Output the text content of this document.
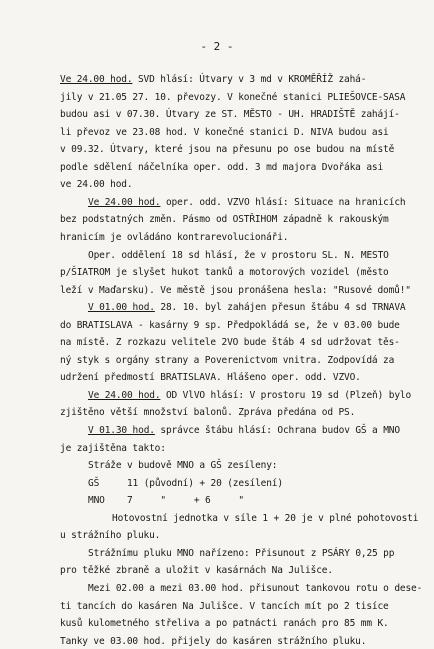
- 2 -
Ve 24.00 hod. SVD hlásí: Útvary v 3 md v KROMĚŘÍŽ zahá-
jily v 21.05 27. 10. převozy. V konečné stanici PLIEŠOVCE-SASA
budou asi v 07.30. Útvary ze ST. MĚSTO - UH. HRADIŠTĚ zahájí-
li převoz ve 23.08 hod. V konečné stanici D. NIVA budou asi
v 09.32. Útvary, které jsou na přesunu po ose budou na místě
podle sdělení náčelníka oper. odd. 3 md majora Dvořáka asi
ve 24.00 hod.
Ve 24.00 hod. oper. odd. VZVO hlásí: Situace na hranicích
bez podstatných změn. Pásmo od OSTŘIHOM západně k rakouským
hranicím je ovládáno kontrarevolucionáři.
Oper. oddělení 18 sd hlásí, že v prostoru SL. N. MESTO
p/ŠIATROM je slyšet hukot tanků a motorových vozidel (město
leží v Maďarsku). Ve městě jsou pronášena hesla: "Rusové domů!"
V 01.00 hod. 28. 10. byl zahájen přesun štábu 4 sd TRNAVA
do BRATISLAVA - kasárny 9 sp. Předpokládá se, že v 03.00 bude
na místě. Z rozkazu velitele 2VO bude štáb 4 sd udržovat těs-
ný styk s orgány strany a Poverenictvom vnitra. Zodpovídá za
udržení předmostí BRATISLAVA. Hlášeno oper. odd. VZVO.
Ve 24.00 hod. OD VlVO hlásí: V prostoru 19 sd (Plzeň) bylo
zjištěno větší množství balonů. Zpráva předána od PS.
V 01.30 hod. správce štábu hlásí: Ochrana budov GŠ a MNO
je zajištěna takto:
Stráže v budově MNO a GŠ zesíleny:
GŠ     11 (původní) + 20 (zesílení)
MNO    7     "     + 6     "
Hotovostní jednotka v síle 1 + 20 je v plné pohotovosti
u strážního pluku.
Strážnímu pluku MNO nařízeno: Přisunout z PSÁRY 0,25 pp
pro těžké zbraně a uložit v kasárnách Na Julišce.
Mezi 02.00 a mezi 03.00 hod. přisunout tankovou rotu o dese-
ti tancích do kasáren Na Julišce. V tancích mít po 2 tisíce
kusů kulometného střeliva a po patnácti ranách pro 85 mm K.
Tanky ve 03.00 hod. přijely do kasáren strážního pluku.
